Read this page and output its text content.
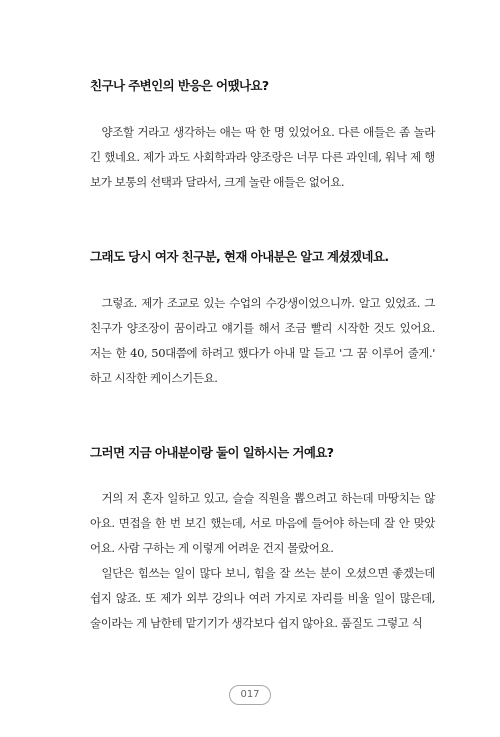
친구나 주변인의 반응은 어땠나요?

양조할 거라고 생각하는 애는 딱 한 명 있었어요. 다른 애들은 좀 놀라긴 했네요. 제가 과도 사회학과라 양조랑은 너무 다른 과인데, 워낙 제 행보가 보통의 선택과 달라서, 크게 놀란 애들은 없어요.

그래도 당시 여자 친구분, 현재 아내분은 알고 계셨겠네요.

그렇죠. 제가 조교로 있는 수업의 수강생이었으니까. 알고 있었죠. 그 친구가 양조장이 꿈이라고 얘기를 해서 조금 빨리 시작한 것도 있어요. 저는 한 40, 50대쯤에 하려고 했다가 아내 말 듣고 '그 꿈 이루어 줄게.' 하고 시작한 케이스기든요.

그러면 지금 아내분이랑 둘이 일하시는 거예요?

거의 저 혼자 일하고 있고, 슬슬 직원을 뽑으려고 하는데 마땅치는 않아요. 면접을 한 번 보긴 했는데, 서로 마음에 들어야 하는데 잘 안 맞았어요. 사람 구하는 게 이렇게 어려운 건지 몰랐어요.

일단은 힘쓰는 일이 많다 보니, 힘을 잘 쓰는 분이 오셨으면 좋겠는데 쉽지 않죠. 또 제가 외부 강의나 여러 가지로 자리를 비울 일이 많은데, 술이라는 게 남한테 맡기기가 생각보다 쉽지 않아요. 품질도 그렇고 식

017
